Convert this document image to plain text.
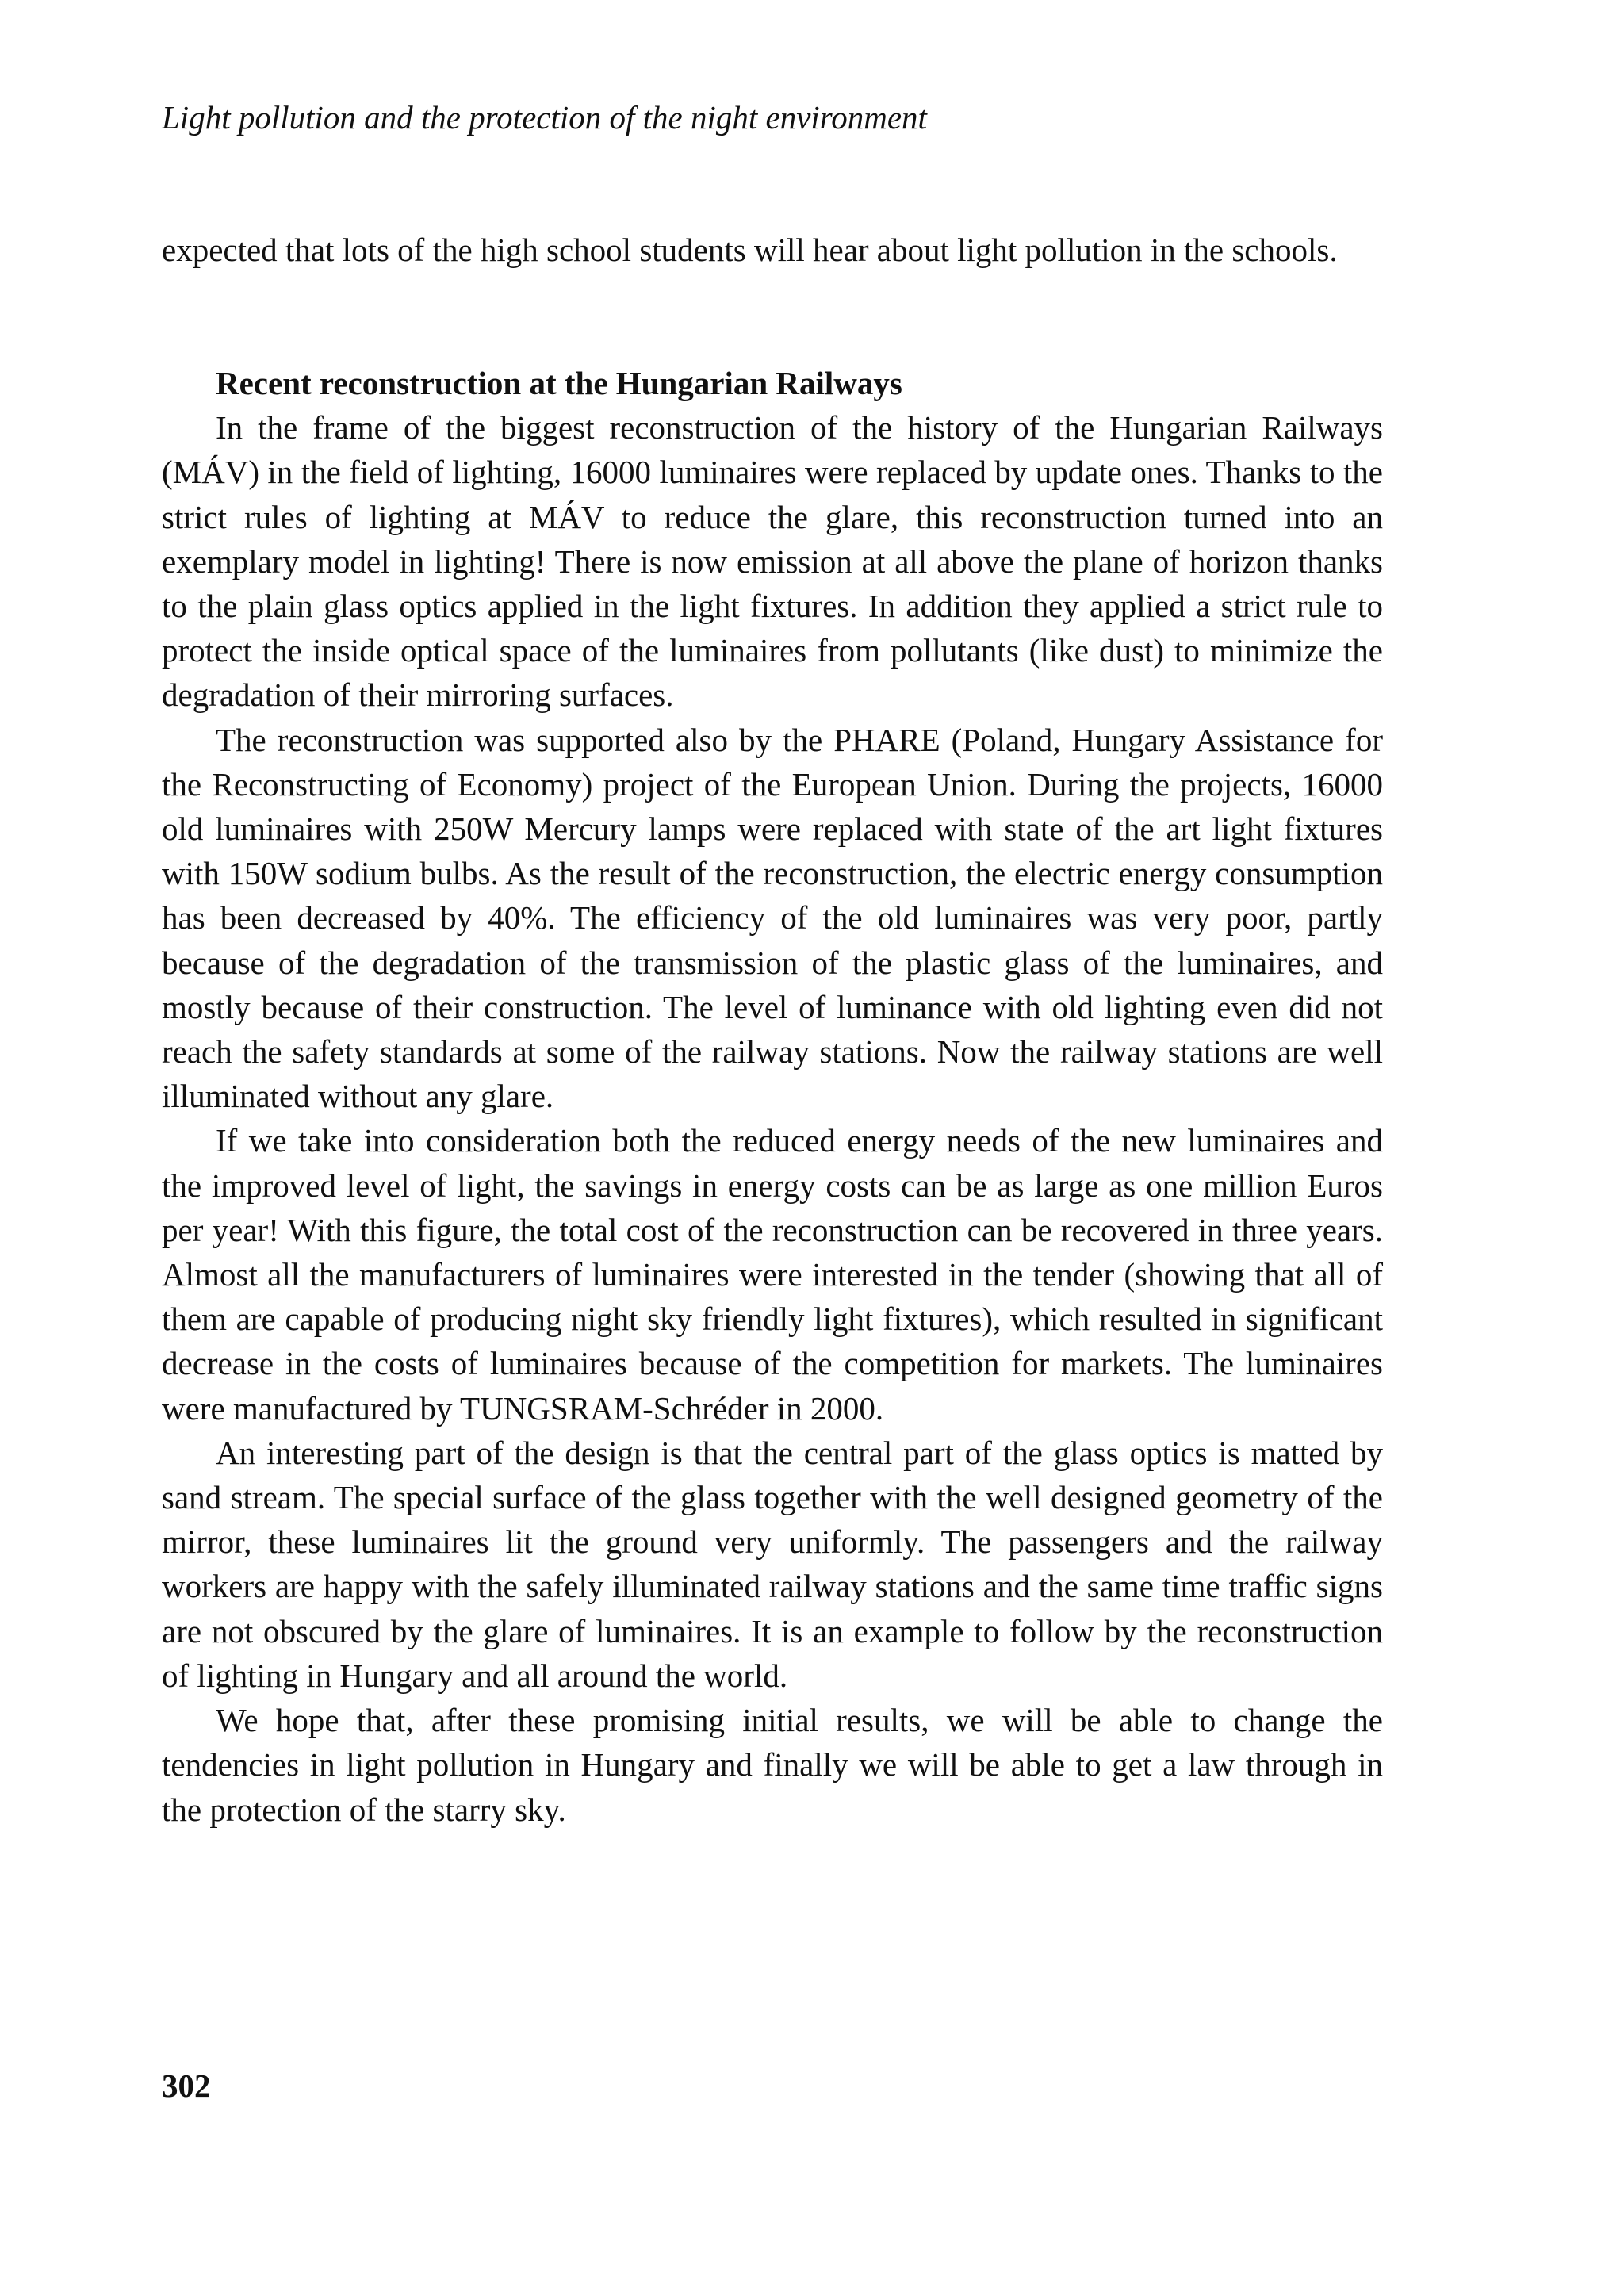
Light pollution and the protection of the night environment

expected that lots of the high school students will hear about light pollution in the schools.

Recent reconstruction at the Hungarian Railways

In the frame of the biggest reconstruction of the history of the Hungarian Railways (MÁV) in the field of lighting, 16000 luminaires were replaced by update ones. Thanks to the strict rules of lighting at MÁV to reduce the glare, this reconstruction turned into an exemplary model in lighting! There is now emission at all above the plane of horizon thanks to the plain glass optics applied in the light fixtures. In addition they applied a strict rule to protect the inside optical space of the luminaires from pollutants (like dust) to minimize the degradation of their mirroring surfaces.

The reconstruction was supported also by the PHARE (Poland, Hungary Assistance for the Reconstructing of Economy) project of the European Union. During the projects, 16000 old luminaires with 250W Mercury lamps were replaced with state of the art light fixtures with 150W sodium bulbs. As the result of the reconstruction, the electric energy consumption has been decreased by 40%. The efficiency of the old luminaires was very poor, partly because of the degradation of the transmission of the plastic glass of the luminaires, and mostly because of their construction. The level of luminance with old lighting even did not reach the safety standards at some of the railway stations. Now the railway stations are well illuminated without any glare.

If we take into consideration both the reduced energy needs of the new luminaires and the improved level of light, the savings in energy costs can be as large as one million Euros per year! With this figure, the total cost of the reconstruction can be recovered in three years. Almost all the manufacturers of luminaires were interested in the tender (showing that all of them are capable of producing night sky friendly light fixtures), which resulted in significant decrease in the costs of luminaires because of the competition for markets. The luminaires were manufactured by TUNGSRAM-Schréder in 2000.

An interesting part of the design is that the central part of the glass optics is matted by sand stream. The special surface of the glass together with the well designed geometry of the mirror, these luminaires lit the ground very uniformly. The passengers and the railway workers are happy with the safely illuminated railway stations and the same time traffic signs are not obscured by the glare of luminaires. It is an example to follow by the reconstruction of lighting in Hungary and all around the world.

We hope that, after these promising initial results, we will be able to change the tendencies in light pollution in Hungary and finally we will be able to get a law through in the protection of the starry sky.

302
